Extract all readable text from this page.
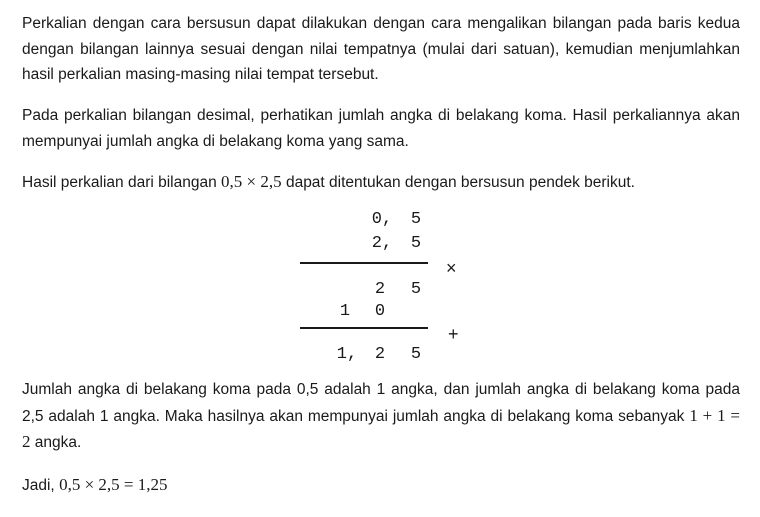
Perkalian dengan cara bersusun dapat dilakukan dengan cara mengalikan bilangan pada baris kedua dengan bilangan lainnya sesuai dengan nilai tempatnya (mulai dari satuan), kemudian menjumlahkan hasil perkalian masing-masing nilai tempat tersebut.
Pada perkalian bilangan desimal, perhatikan jumlah angka di belakang koma. Hasil perkaliannya akan mempunyai jumlah angka di belakang koma yang sama.
Hasil perkalian dari bilangan 0,5 × 2,5 dapat ditentukan dengan bersusun pendek berikut.
0, 5
2, 5
×
2 5
1 0
+
1, 2 5
Jumlah angka di belakang koma pada 0,5 adalah 1 angka, dan jumlah angka di belakang koma pada 2,5 adalah 1 angka. Maka hasilnya akan mempunyai jumlah angka di belakang koma sebanyak 1 + 1 = 2 angka.
Jadi, 0,5 × 2,5 = 1,25
